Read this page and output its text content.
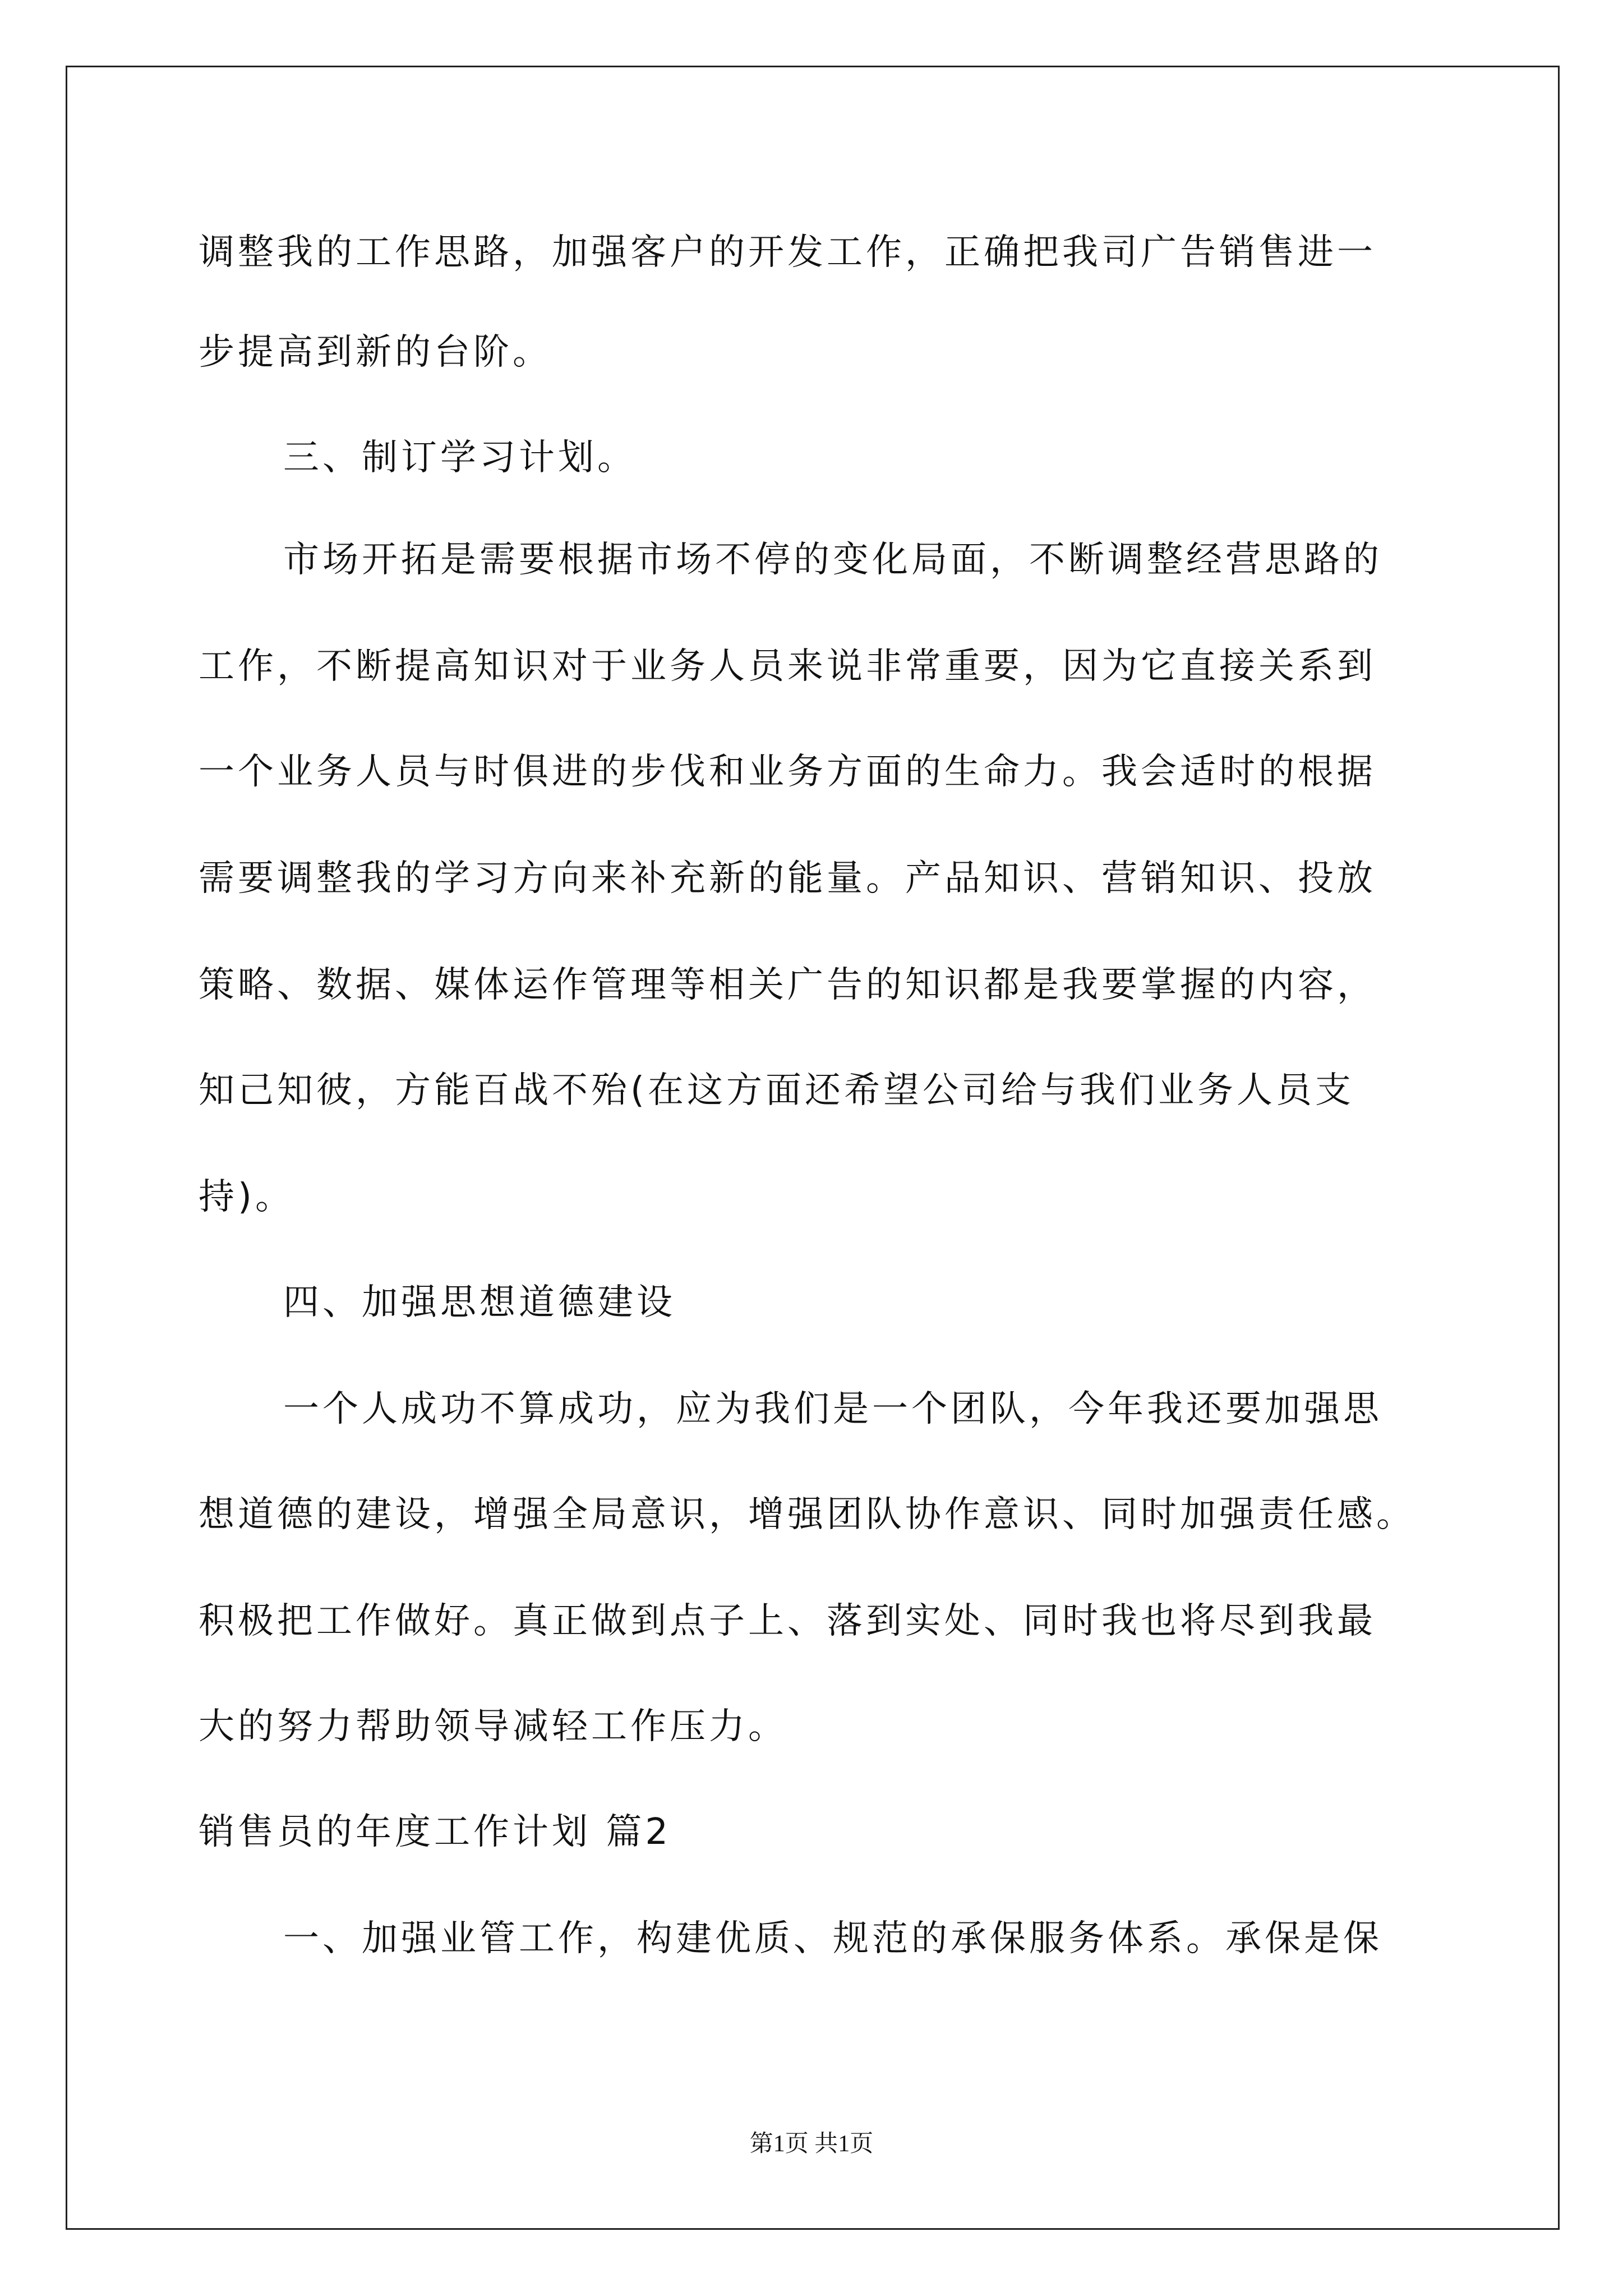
调整我的工作思路，加强客户的开发工作，正确把我司广告销售进一
步提高到新的台阶。
三、制订学习计划。
市场开拓是需要根据市场不停的变化局面，不断调整经营思路的
工作，不断提高知识对于业务人员来说非常重要，因为它直接关系到
一个业务人员与时俱进的步伐和业务方面的生命力。我会适时的根据
需要调整我的学习方向来补充新的能量。产品知识、营销知识、投放
策略、数据、媒体运作管理等相关广告的知识都是我要掌握的内容，
知己知彼，方能百战不殆(在这方面还希望公司给与我们业务人员支
持)。
四、加强思想道德建设
一个人成功不算成功，应为我们是一个团队，今年我还要加强思
想道德的建设，增强全局意识，增强团队协作意识、同时加强责任感。
积极把工作做好。真正做到点子上、落到实处、同时我也将尽到我最
大的努力帮助领导减轻工作压力。
销售员的年度工作计划 篇2
一、加强业管工作，构建优质、规范的承保服务体系。承保是保
第1页 共1页
